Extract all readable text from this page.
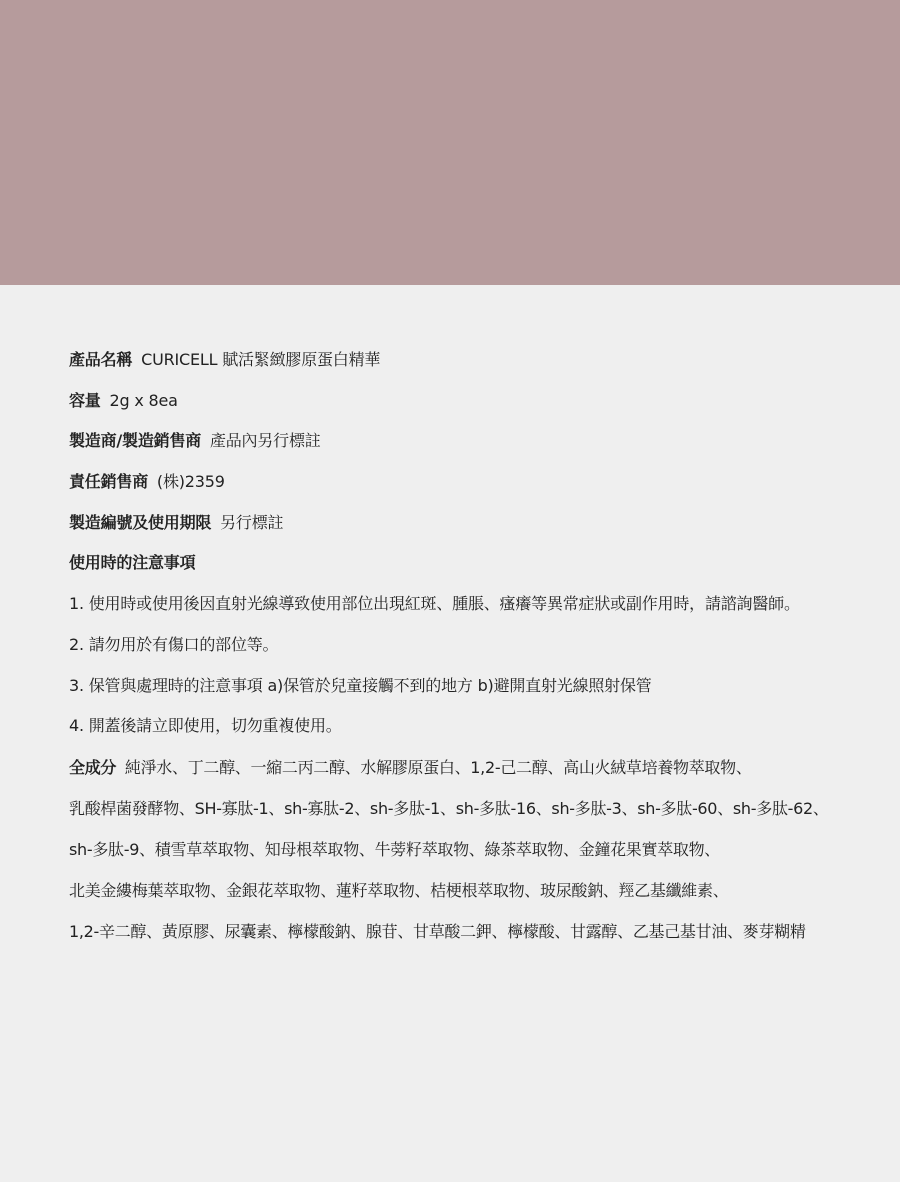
產品名稱 CURICELL 賦活緊緻膠原蛋白精華
容量 2g x 8ea
製造商/製造銷售商 產品內另行標註
責任銷售商 (株)2359
製造編號及使用期限 另行標註
使用時的注意事項
1. 使用時或使用後因直射光線導致使用部位出現紅斑、腫脹、瘙癢等異常症狀或副作用時，請諮詢醫師。
2. 請勿用於有傷口的部位等。
3. 保管與處理時的注意事項 a)保管於兒童接觸不到的地方 b)避開直射光線照射保管
4. 開蓋後請立即使用，切勿重複使用。
全成分 純淨水、丁二醇、一縮二丙二醇、水解膠原蛋白、1,2-己二醇、高山火絨草培養物萃取物、
乳酸桿菌發酵物、SH-寡肽-1、sh-寡肽-2、sh-多肽-1、sh-多肽-16、sh-多肽-3、sh-多肽-60、sh-多肽-62、
sh-多肽-9、積雪草萃取物、知母根萃取物、牛蒡籽萃取物、綠茶萃取物、金鐘花果實萃取物、
北美金縷梅葉萃取物、金銀花萃取物、蓮籽萃取物、桔梗根萃取物、玻尿酸鈉、羥乙基纖維素、
1,2-辛二醇、黃原膠、尿囊素、檸檬酸鈉、腺苷、甘草酸二鉀、檸檬酸、甘露醇、乙基己基甘油、麥芽糊精
